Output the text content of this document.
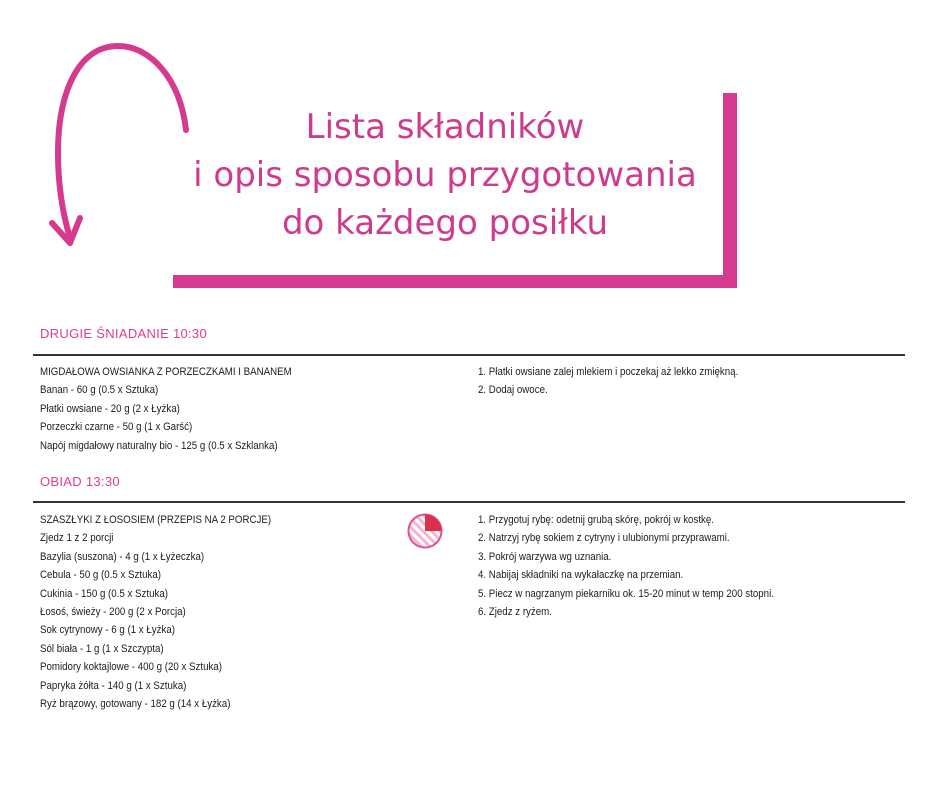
Lista składników
i opis sposobu przygotowania
do każdego posiłku
DRUGIE ŚNIADANIE 10:30
MIGDAŁOWA OWSIANKA Z PORZECZKAMI I BANANEM
Banan - 60 g (0.5 x Sztuka)
Płatki owsiane - 20 g (2 x Łyżka)
Porzeczki czarne - 50 g (1 x Garść)
Napój migdałowy naturalny bio - 125 g (0.5 x Szklanka)
1. Płatki owsiane zalej mlekiem i poczekaj aż lekko zmiękną.
2. Dodaj owoce.
OBIAD 13:30
SZASZŁYKI Z ŁOSOSIEM (PRZEPIS NA 2 PORCJE)
Zjedz 1 z 2 porcji
Bazylia (suszona) - 4 g (1 x Łyżeczka)
Cebula - 50 g (0.5 x Sztuka)
Cukinia - 150 g (0.5 x Sztuka)
Łosoś, świeży - 200 g (2 x Porcja)
Sok cytrynowy - 6 g (1 x Łyżka)
Sól biała - 1 g (1 x Szczypta)
Pomidory koktajlowe - 400 g (20 x Sztuka)
Papryka żółta - 140 g (1 x Sztuka)
Ryż brązowy, gotowany - 182 g (14 x Łyżka)
1. Przygotuj rybę: odetnij grubą skórę, pokrój w kostkę.
2. Natrzyj rybę sokiem z cytryny i ulubionymi przyprawami.
3. Pokrój warzywa wg uznania.
4. Nabijaj składniki na wykałaczkę na przemian.
5. Piecz w nagrzanym piekarniku ok. 15-20 minut w temp 200 stopni.
6. Zjedz z ryżem.
